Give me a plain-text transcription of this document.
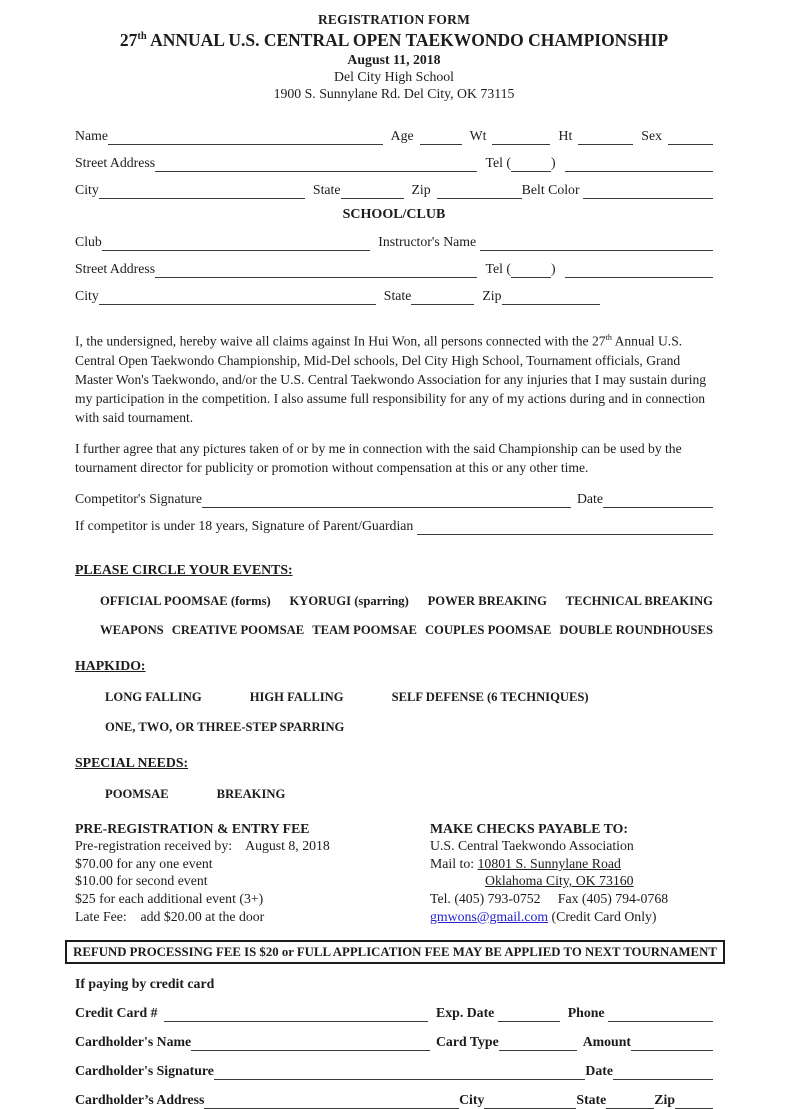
REGISTRATION FORM
27th ANNUAL U.S. CENTRAL OPEN TAEKWONDO CHAMPIONSHIP
August 11, 2018
Del City High School
1900 S. Sunnylane Rd. Del City, OK 73115
Name	Age	Wt	Ht	Sex
Street Address	Tel (	)
City	State	Zip	Belt Color
SCHOOL/CLUB
Club	Instructor's Name
Street Address	Tel (	)
City	State	Zip

I, the undersigned, hereby waive all claims against In Hui Won, all persons connected with the 27th Annual U.S. Central Open Taekwondo Championship, Mid-Del schools, Del City High School, Tournament officials, Grand Master Won's Taekwondo, and/or the U.S. Central Taekwondo Association for any injuries that I may sustain during my participation in the competition. I also assume full responsibility for any of my actions during and in connection with said tournament.

I further agree that any pictures taken of or by me in connection with the said Championship can be used by the tournament director for publicity or promotion without compensation at this or any other time.

Competitor's Signature	Date
If competitor is under 18 years, Signature of Parent/Guardian
PLEASE CIRCLE YOUR EVENTS:
OFFICIAL POOMSAE (forms) KYORUGI (sparring) POWER BREAKING TECHNICAL BREAKING
WEAPONS CREATIVE POOMSAE TEAM POOMSAE COUPLES POOMSAE DOUBLE ROUNDHOUSES
HAPKIDO:
LONG FALLING	HIGH FALLING	SELF DEFENSE (6 TECHNIQUES)
ONE, TWO, OR THREE-STEP SPARRING
SPECIAL NEEDS:
POOMSAE	BREAKING
PRE-REGISTRATION & ENTRY FEE
Pre-registration received by:    August 8, 2018
$70.00 for any one event
$10.00 for second event
$25 for each additional event (3+)
Late Fee:    add $20.00 at the door
MAKE CHECKS PAYABLE TO:
U.S. Central Taekwondo Association
Mail to: 10801 S. Sunnylane Road
Oklahoma City, OK 73160
Tel. (405) 793-0752     Fax (405) 794-0768
gmwons@gmail.com (Credit Card Only)
REFUND PROCESSING FEE IS $20 or FULL APPLICATION FEE MAY BE APPLIED TO NEXT TOURNAMENT
If paying by credit card
Credit Card #	Exp. Date	Phone
Cardholder's Name	Card Type	Amount
Cardholder's Signature	Date
Cardholder’s Address	City	State	Zip
